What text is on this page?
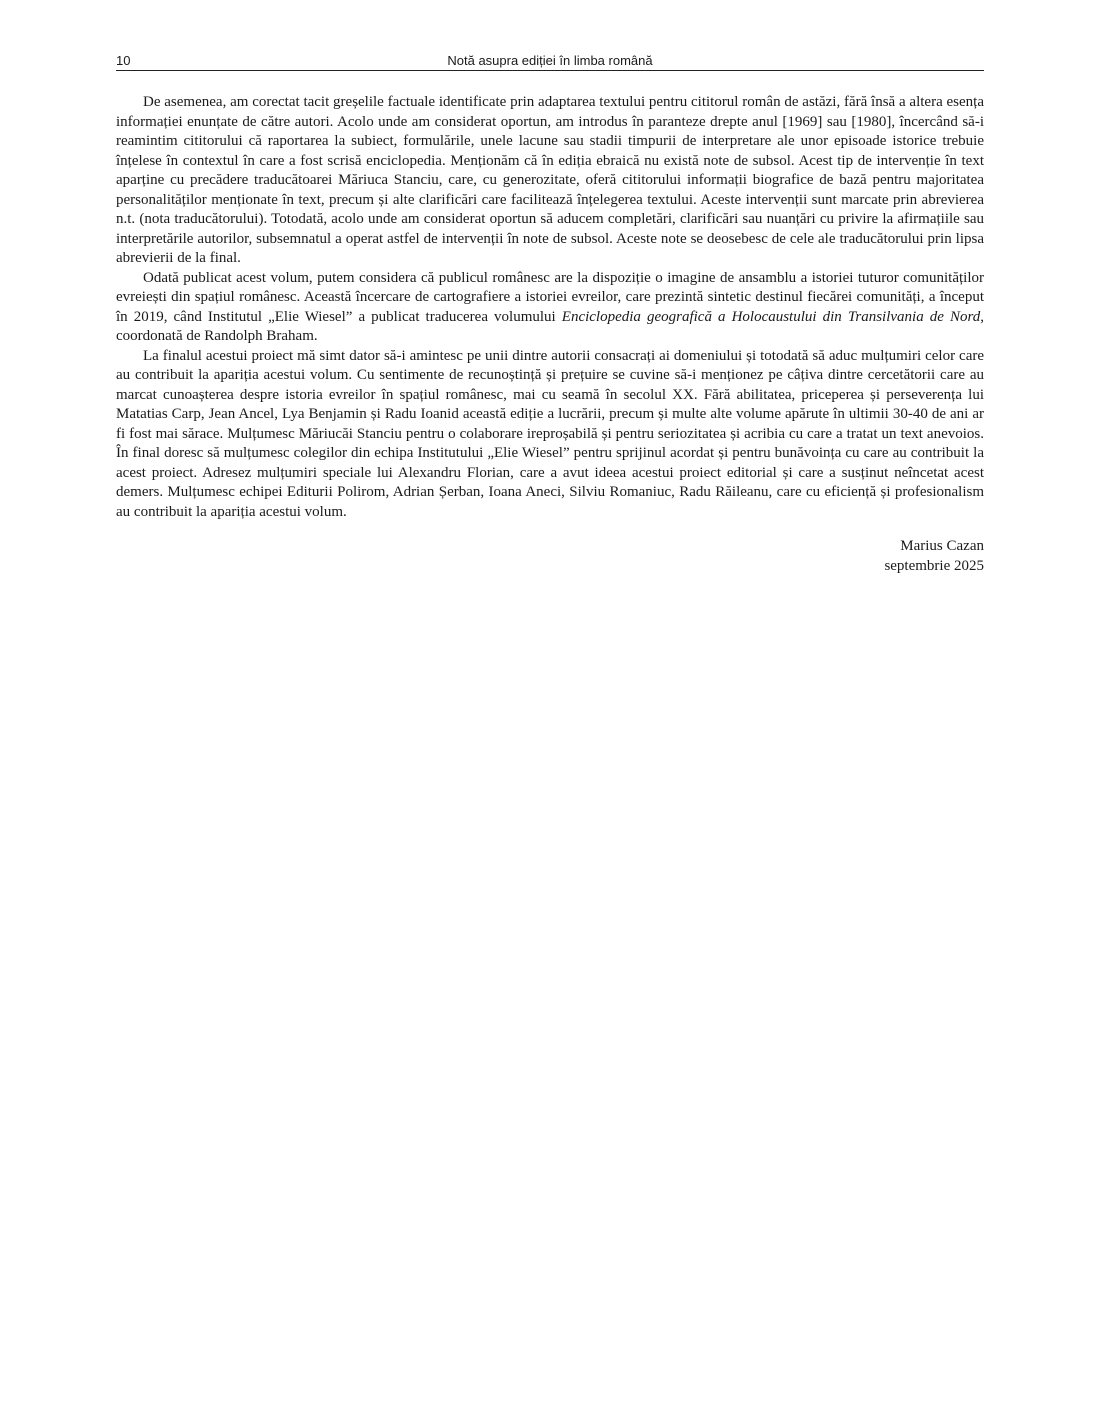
10	Notă asupra ediției în limba română

De asemenea, am corectat tacit greșelile factuale identificate prin adaptarea textului pentru cititorul român de astăzi, fără însă a altera esența informației enunțate de către autori. Acolo unde am considerat oportun, am introdus în paranteze drepte anul [1969] sau [1980], încercând să-i reamintim cititorului că raportarea la subiect, formulările, unele lacune sau stadii timpurii de interpretare ale unor episoade istorice trebuie înțelese în contextul în care a fost scrisă enciclopedia. Menționăm că în ediția ebraică nu există note de subsol. Acest tip de intervenție în text aparține cu precădere traducătoarei Măriuca Stanciu, care, cu generozitate, oferă cititorului informații biografice de bază pentru majoritatea personalităților menționate în text, precum și alte clarificări care facilitează înțelegerea textului. Aceste intervenții sunt marcate prin abrevierea n.t. (nota traducătorului). Totodată, acolo unde am considerat oportun să aducem completări, clarificări sau nuanțări cu privire la afirmațiile sau interpretările autorilor, subsemnatul a operat astfel de intervenții în note de subsol. Aceste note se deosebesc de cele ale traducătorului prin lipsa abrevierii de la final.

Odată publicat acest volum, putem considera că publicul românesc are la dispoziție o imagine de ansamblu a istoriei tuturor comunităților evreiești din spațiul românesc. Această încercare de cartografiere a istoriei evreilor, care prezintă sintetic destinul fiecărei comunități, a început în 2019, când Institutul „Elie Wiesel” a publicat traducerea volumului Enciclopedia geografică a Holocaustului din Transilvania de Nord, coordonată de Randolph Braham.

La finalul acestui proiect mă simt dator să-i amintesc pe unii dintre autorii consacrați ai domeniului și totodată să aduc mulțumiri celor care au contribuit la apariția acestui volum. Cu sentimente de recunoștință și prețuire se cuvine să-i menționez pe câțiva dintre cercetătorii care au marcat cunoașterea despre istoria evreilor în spațiul românesc, mai cu seamă în secolul XX. Fără abilitatea, priceperea și perseverența lui Matatias Carp, Jean Ancel, Lya Benjamin și Radu Ioanid această ediție a lucrării, precum și multe alte volume apărute în ultimii 30-40 de ani ar fi fost mai sărace. Mulțumesc Măriucăi Stanciu pentru o colaborare ireproșabilă și pentru seriozitatea și acribia cu care a tratat un text anevoios. În final doresc să mulțumesc colegilor din echipa Institutului „Elie Wiesel” pentru sprijinul acordat și pentru bunăvoința cu care au contribuit la acest proiect. Adresez mulțumiri speciale lui Alexandru Florian, care a avut ideea acestui proiect editorial și care a susținut neîncetat acest demers. Mulțumesc echipei Editurii Polirom, Adrian Șerban, Ioana Aneci, Silviu Romaniuc, Radu Răileanu, care cu eficiență și profesionalism au contribuit la apariția acestui volum.

Marius Cazan
septembrie 2025
